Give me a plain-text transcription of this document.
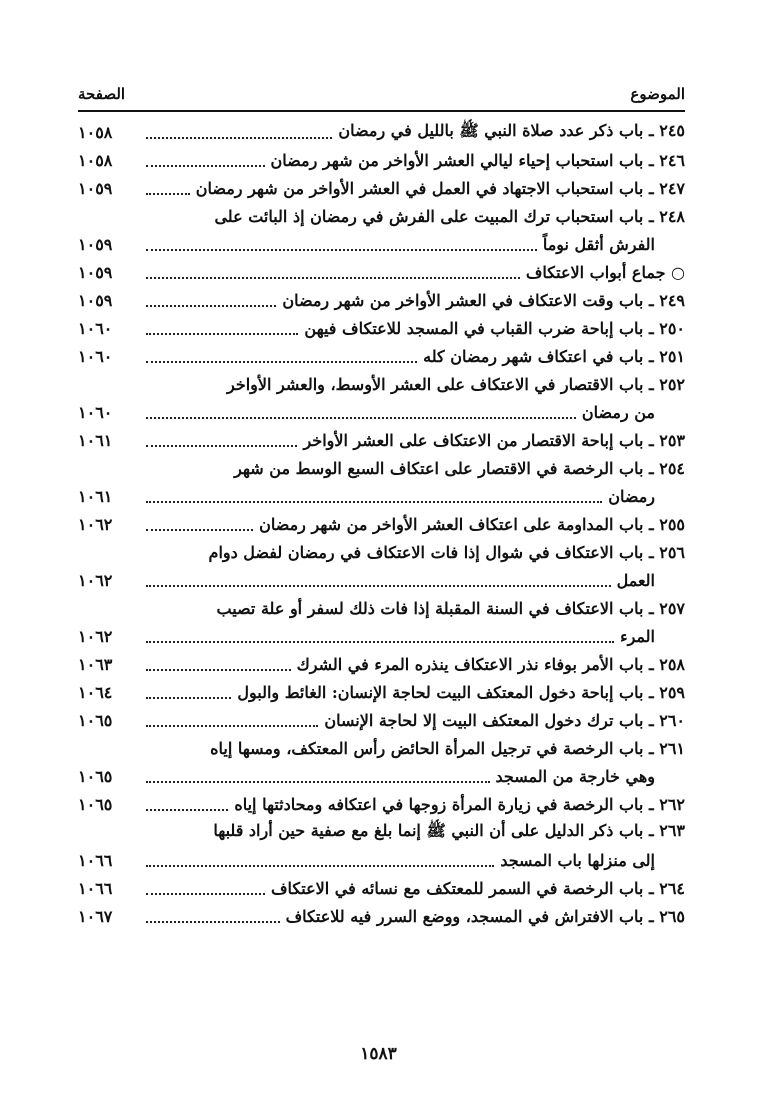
الموضوع
الصفحة
٢٤٥ ـ باب ذكر عدد صلاة النبي ﷺ بالليل في رمضان
١٠٥٨
٢٤٦ ـ باب استحباب إحياء ليالي العشر الأواخر من شهر رمضان
١٠٥٨
٢٤٧ ـ باب استحباب الاجتهاد في العمل في العشر الأواخر من شهر رمضان
١٠٥٩
٢٤٨ ـ باب استحباب ترك المبيت على الفرش في رمضان إذ البائت على
الفرش أثقل نوماً
١٠٥٩
○ جماع أبواب الاعتكاف
١٠٥٩
٢٤٩ ـ باب وقت الاعتكاف في العشر الأواخر من شهر رمضان
١٠٥٩
٢٥٠ ـ باب إباحة ضرب القباب في المسجد للاعتكاف فيهن
١٠٦٠
٢٥١ ـ باب في اعتكاف شهر رمضان كله
١٠٦٠
٢٥٢ ـ باب الاقتصار في الاعتكاف على العشر الأوسط، والعشر الأواخر
من رمضان
١٠٦٠
٢٥٣ ـ باب إباحة الاقتصار من الاعتكاف على العشر الأواخر
١٠٦١
٢٥٤ ـ باب الرخصة في الاقتصار على اعتكاف السبع الوسط من شهر
رمضان
١٠٦١
٢٥٥ ـ باب المداومة على اعتكاف العشر الأواخر من شهر رمضان
١٠٦٢
٢٥٦ ـ باب الاعتكاف في شوال إذا فات الاعتكاف في رمضان لفضل دوام
العمل
١٠٦٢
٢٥٧ ـ باب الاعتكاف في السنة المقبلة إذا فات ذلك لسفر أو علة تصيب
المرء
١٠٦٢
٢٥٨ ـ باب الأمر بوفاء نذر الاعتكاف ينذره المرء في الشرك
١٠٦٣
٢٥٩ ـ باب إباحة دخول المعتكف البيت لحاجة الإنسان: الغائط والبول
١٠٦٤
٢٦٠ ـ باب ترك دخول المعتكف البيت إلا لحاجة الإنسان
١٠٦٥
٢٦١ ـ باب الرخصة في ترجيل المرأة الحائض رأس المعتكف، ومسها إياه
وهي خارجة من المسجد
١٠٦٥
٢٦٢ ـ باب الرخصة في زيارة المرأة زوجها في اعتكافه ومحادثتها إياه
١٠٦٥
٢٦٣ ـ باب ذكر الدليل على أن النبي ﷺ إنما بلغ مع صفية حين أراد قلبها
إلى منزلها باب المسجد
١٠٦٦
٢٦٤ ـ باب الرخصة في السمر للمعتكف مع نسائه في الاعتكاف
١٠٦٦
٢٦٥ ـ باب الافتراش في المسجد، ووضع السرر فيه للاعتكاف
١٠٦٧
١٥٨٣
